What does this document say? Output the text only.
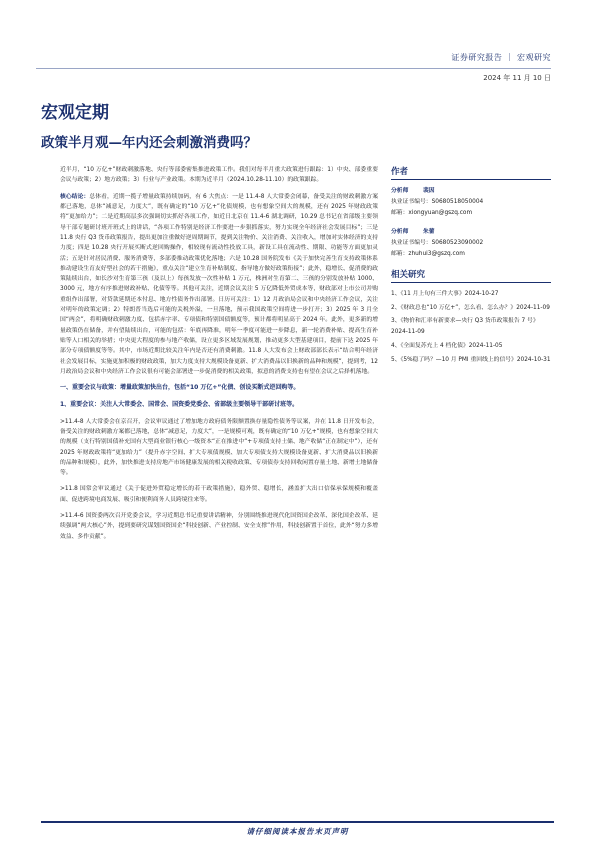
证券研究报告 ｜ 宏观研究
2024 年 11 月 10 日
宏观定期
政策半月观—年内还会刺激消费吗？

近半月，“10 万亿+”财政刺激落地、央行等部委密集推进政策工作。我们对每半月重大政策进行跟踪：1）中央、部委重要会议与政策；2）地方政策；3）行业与产业政策。本期为近半月（2024.10.28-11.10）的政策跟踪。

核心结论：总体看，近期一揽子增量政策持续加码，有 6 大焦点：一是 11.4-8 人大常委会闭幕，备受关注的财政刺激方案都已落地，总体“减意足，力度大”，既有确定的“10 万亿+”化债规模，也有想象空间大的规模，还有 2025 年财政政策将“更加给力”；二是近期高层多次强调切实抓好各项工作，如近日北京在 11.4-6 湖北调研，10.29 总书记在省部级主要领导干部专题研讨班开班式上的讲话，“各项工作特别是经济工作要进一步狠抓落实，努力实现全年经济社会发展目标”；三是 11.8 央行 Q3 货币政策报告，提出更加注重做好逆周期调节，提到关注物价、关注消费、关注收入，增加对实体经济的支持力度；四是 10.28 央行开展买断式逆回购操作，相较现有流动性投放工具，新设工具在流动性、期限、功能等方面更加灵活；五是针对居民消费、服务消费等，多部委推动政策优化落地；六是 10.28 国务院发布《关于加快完善生育支持政策体系推动建设生育友好型社会的若干措施》，重点关注“建立生育补贴制度、指导地方做好政策衔接”；此外，稳增长、促消费的政策陆续出台，如长沙对生育第三孩（及以上）每孩发放一次性补贴 1 万元，株洲对生育第二、三孩的分别发放补贴 1000、3000 元，地方有序推进财政补贴、化债等等。其他可关注，近期会议关注 5 万亿降低外贸成本等，财政部对上市公司并购重组作出部署，对贷款延期还本付息、地方性债务作出部署。日历可关注：1）12 月政治局会议和中央经济工作会议，关注对明年的政策定调；2）特朗普当选后可能的关税外溢，一旦落地，预示我国政策空间将进一步打开；3）2025 年 3 月全国“两会”，将明确财政刺激力度、包括赤字率、专项债和特别国债额度等，预计都将明显高于 2024 年。此外，更多新的增量政策仍在储备，并有望陆续出台，可能的包括：年底再降准，明年一季度可能进一步降息，新一轮消费补贴、提高生育补贴等人口相关的举措；中央更大程度的参与地产收储，设立更多区域发展规划，推动更多大型基建项目，提前下达 2025 年部分专项债额度等等。其中，市场近期比较关注年内是否还有消费刺激。11.8 人大发布会上财政部部长表示“结合明年经济社会发展目标，实施更加积极的财政政策，加大力度支持大规模设备更新、扩大消费品以旧换新的品种和规模”，提到考，12 月政治局会议和中央经济工作会议很有可能会部署进一步促消费的相关政策，拟意的消费支持也有望在会议之后择机落地。

一、重要会议与政策：增量政策加快出台，包括“10 万亿+”化债、创设买断式逆回购等。
1、重要会议：关注人大常委会、国常会、国资委党委会、省部级主要领导干部研讨班等。

>11.4-8 人大常委会在京召开，会议审议通过了增加地方政府债务限额置换存量隐性债务等议案，并在 11.8 日开发布会，备受关注的财政刺激方案都已落地，总体“减意足，力度大”，一是规模可观，既有确定的“10 万亿+”规模，也有想象空间大的规模（支行特别国债补充国有大型商业银行核心一级资本“正在推进中”+专项债支持土储、地产收储“正在制定中”），还有 2025 年财政政策将“更加给力”（提升赤字空间、扩大专项债规模、加大专项债支持大规模设备更新、扩大消费品以旧换新的品种和规模），此外，加快推进支持房地产市场健康发展的相关税收政策、专项债券支持回收闲置存量土地、新增土地储备等。

>11.8 国常会审议通过《关于促进外贸稳定增长的若干政策措施》，稳外贸、稳增长，涵盖扩大出口信保承保规模和覆盖面、促进跨境电商发展、吸引和便利商务人员跨境往来等。

>11.4-6 国资委两次召开党委会议，学习近期总书记重要讲话精神，分别围绕推进现代化国资国企改革、深化国企改革、延续强调“两大核心”外，提到要研究谋划国资国企“科技创新、产业控制、安全支撑”作用，科技创新置于首位，此外“努力多增效益、多作贡献”。

作者
分析师	裴因
执业证书编号：S0680518050004
邮箱：xiongyuan@gszq.com
分析师	朱蕾
执业证书编号：S0680523090002
邮箱：zhuhui3@gszq.com
相关研究
1、《11 月上旬有三件大事》2024-10-27
2、《财政总也“10 万亿+”，怎么看、怎么办？》2024-11-09
3、《物价和汇率有新要求—央行 Q3 货币政策报告 7 号》2024-11-09
4、《全面复苏充上 4 档化债》2024-11-05
5、《5%稳了吗？—10 月 PMI 重回线上的信号》2024-10-31
请仔细阅读本报告末页声明
